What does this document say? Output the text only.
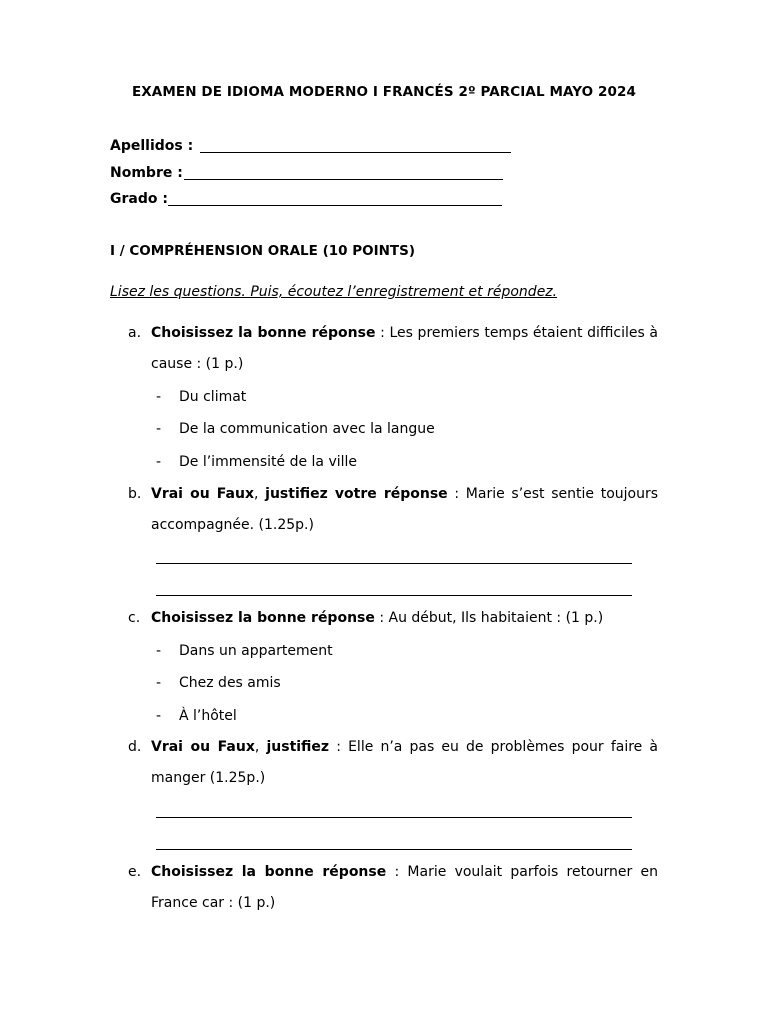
EXAMEN DE IDIOMA MODERNO I FRANCÉS 2º PARCIAL MAYO 2024
Apellidos :
Nombre :
Grado :
I / COMPRÉHENSION ORALE (10 POINTS)
Lisez les questions. Puis, écoutez l’enregistrement et répondez.
a. Choisissez la bonne réponse : Les premiers temps étaient difficiles à cause : (1 p.)
- Du climat
- De la communication avec la langue
- De l’immensité de la ville
b. Vrai ou Faux, justifiez votre réponse : Marie s’est sentie toujours accompagnée. (1.25p.)
c. Choisissez la bonne réponse : Au début, Ils habitaient : (1 p.)
- Dans un appartement
- Chez des amis
- À l’hôtel
d. Vrai ou Faux, justifiez : Elle n’a pas eu de problèmes pour faire à manger (1.25p.)
e. Choisissez la bonne réponse : Marie voulait parfois retourner en France car : (1 p.)
